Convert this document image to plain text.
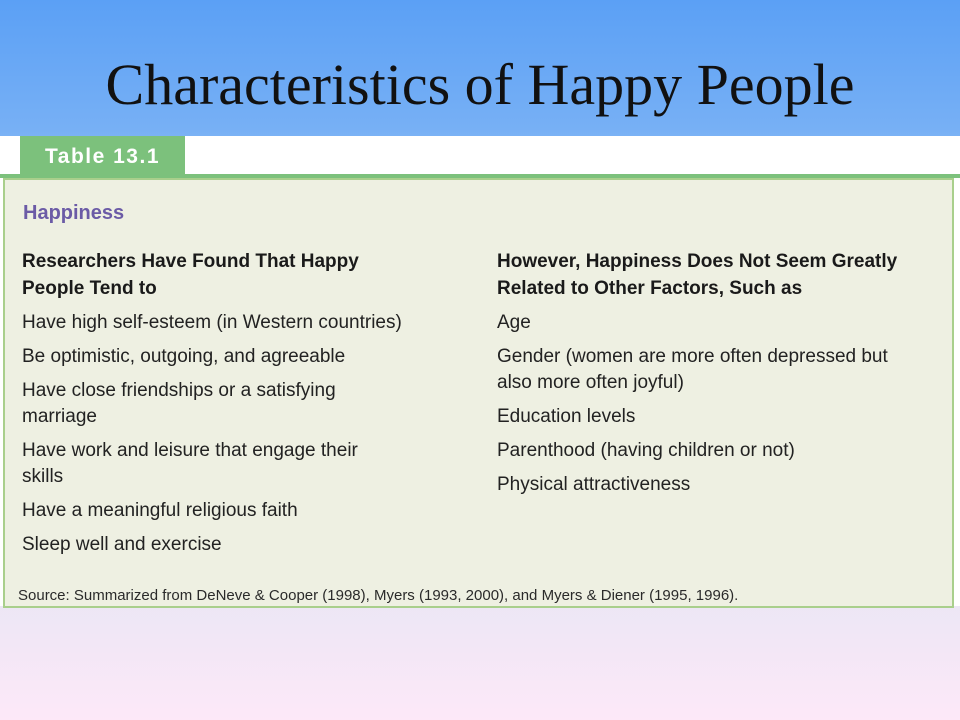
Characteristics of Happy People
Table 13.1
Happiness
Researchers Have Found That Happy People Tend to
Have high self-esteem (in Western countries)
Be optimistic, outgoing, and agreeable
Have close friendships or a satisfying marriage
Have work and leisure that engage their skills
Have a meaningful religious faith
Sleep well and exercise
However, Happiness Does Not Seem Greatly Related to Other Factors, Such as
Age
Gender (women are more often depressed but also more often joyful)
Education levels
Parenthood (having children or not)
Physical attractiveness
Source: Summarized from DeNeve & Cooper (1998), Myers (1993, 2000), and Myers & Diener (1995, 1996).
